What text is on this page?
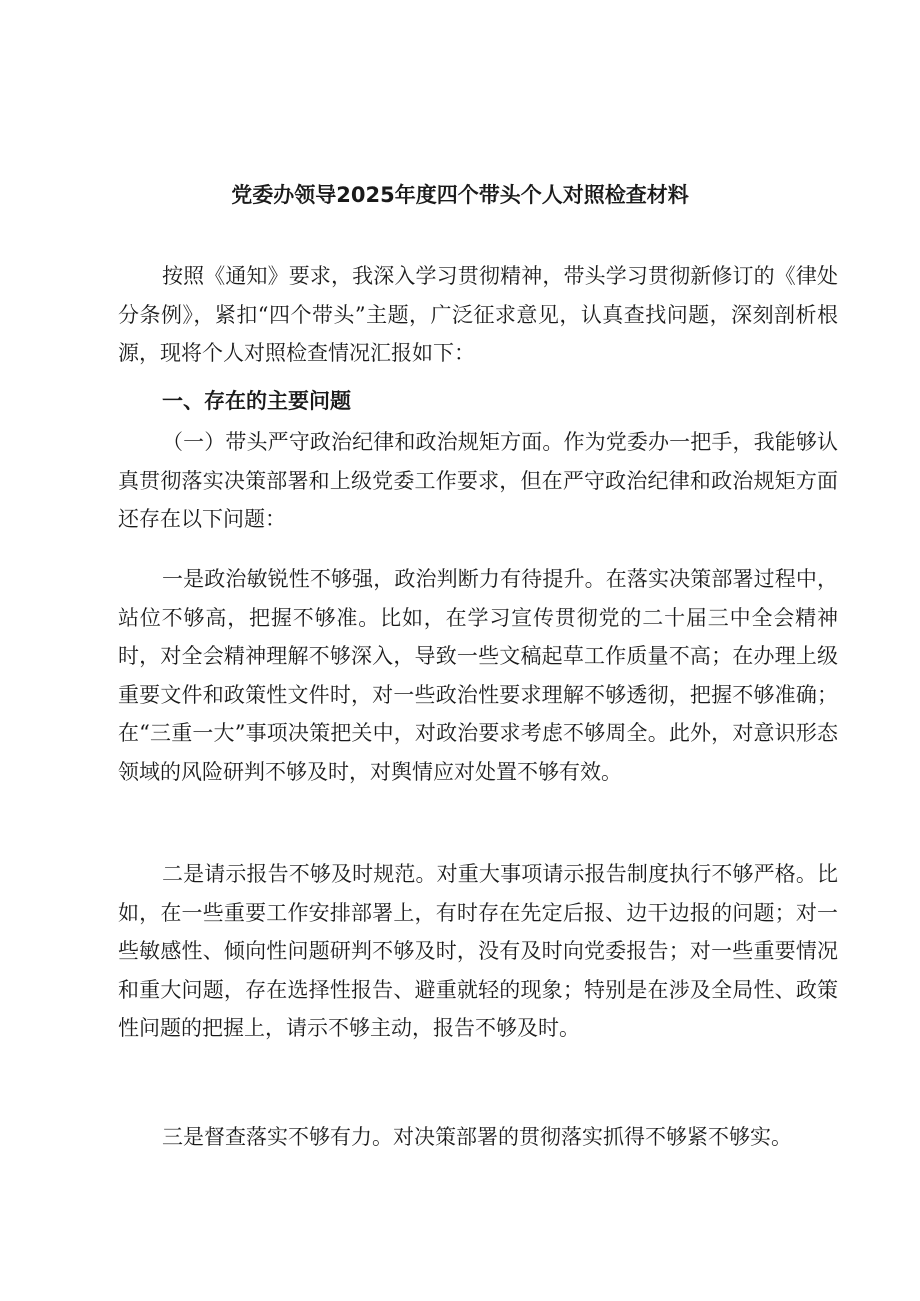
党委办领导2025年度四个带头个人对照检查材料

按照《通知》要求，我深入学习贯彻精神，带头学习贯彻新修订的《律处分条例》，紧扣“四个带头”主题，广泛征求意见，认真查找问题，深刻剖析根源，现将个人对照检查情况汇报如下：

一、存在的主要问题

（一）带头严守政治纪律和政治规矩方面。作为党委办一把手，我能够认真贯彻落实决策部署和上级党委工作要求，但在严守政治纪律和政治规矩方面还存在以下问题：

一是政治敏锐性不够强，政治判断力有待提升。在落实决策部署过程中，站位不够高，把握不够准。比如，在学习宣传贯彻党的二十届三中全会精神时，对全会精神理解不够深入，导致一些文稿起草工作质量不高；在办理上级重要文件和政策性文件时，对一些政治性要求理解不够透彻，把握不够准确；在“三重一大”事项决策把关中，对政治要求考虑不够周全。此外，对意识形态领域的风险研判不够及时，对舆情应对处置不够有效。

二是请示报告不够及时规范。对重大事项请示报告制度执行不够严格。比如，在一些重要工作安排部署上，有时存在先定后报、边干边报的问题；对一些敏感性、倾向性问题研判不够及时，没有及时向党委报告；对一些重要情况和重大问题，存在选择性报告、避重就轻的现象；特别是在涉及全局性、政策性问题的把握上，请示不够主动，报告不够及时。

三是督查落实不够有力。对决策部署的贯彻落实抓得不够紧不够实。
